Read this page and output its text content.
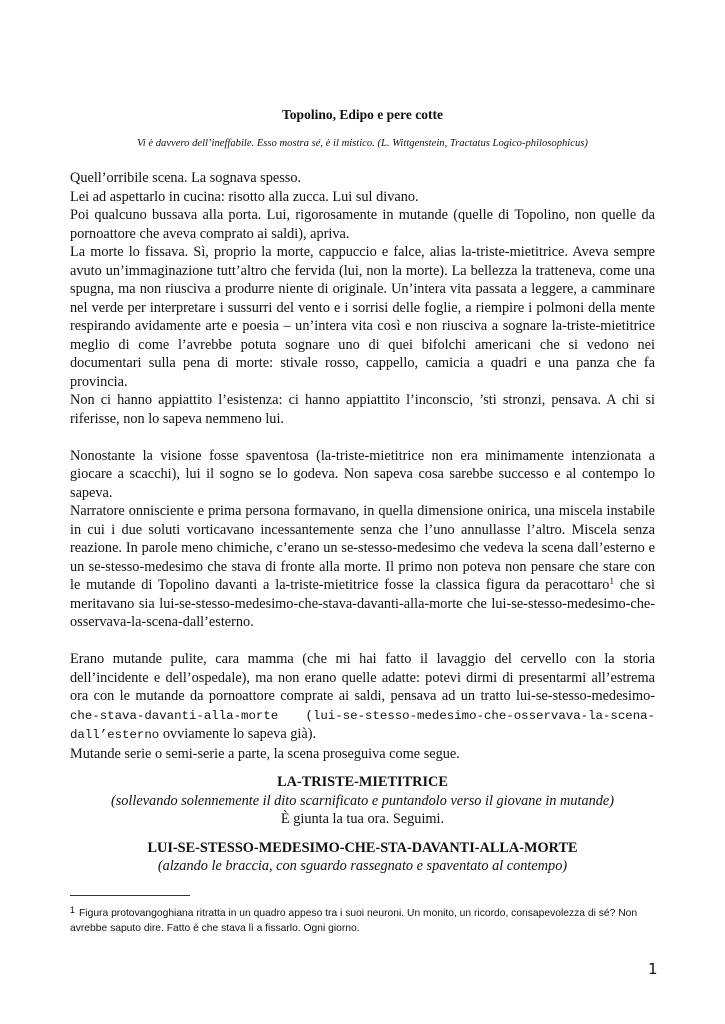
Topolino, Edipo e pere cotte
Vi è davvero dell’ineffabile. Esso mostra sé, è il mistico. (L. Wittgenstein, Tractatus Logico-philosophicus)

Quell’orribile scena. La sognava spesso.

Lei ad aspettarlo in cucina: risotto alla zucca. Lui sul divano.

Poi qualcuno bussava alla porta. Lui, rigorosamente in mutande (quelle di Topolino, non quelle da pornoattore che aveva comprato ai saldi), apriva.

La morte lo fissava. Sì, proprio la morte, cappuccio e falce, alias la-triste-mietitrice. Aveva sempre avuto un’immaginazione tutt’altro che fervida (lui, non la morte). La bellezza la tratteneva, come una spugna, ma non riusciva a produrre niente di originale. Un’intera vita passata a leggere, a camminare nel verde per interpretare i sussurri del vento e i sorrisi delle foglie, a riempire i polmoni della mente respirando avidamente arte e poesia – un’intera vita così e non riusciva a sognare la-triste-mietitrice meglio di come l’avrebbe potuta sognare uno di quei bifolchi americani che si vedono nei documentari sulla pena di morte: stivale rosso, cappello, camicia a quadri e una panza che fa provincia.

Non ci hanno appiattito l’esistenza: ci hanno appiattito l’inconscio, ’sti stronzi, pensava. A chi si riferisse, non lo sapeva nemmeno lui.

Nonostante la visione fosse spaventosa (la-triste-mietitrice non era minimamente intenzionata a giocare a scacchi), lui il sogno se lo godeva. Non sapeva cosa sarebbe successo e al contempo lo sapeva.

Narratore onnisciente e prima persona formavano, in quella dimensione onirica, una miscela instabile in cui i due soluti vorticavano incessantemente senza che l’uno annullasse l’altro. Miscela senza reazione. In parole meno chimiche, c’erano un se-stesso-medesimo che vedeva la scena dall’esterno e un se-stesso-medesimo che stava di fronte alla morte. Il primo non poteva non pensare che stare con le mutande di Topolino davanti a la-triste-mietitrice fosse la classica figura da peracottaro$^1$ che si meritavano sia lui-se-stesso-medesimo-che-stava-davanti-alla-morte che lui-se-stesso-medesimo-che-osservava-la-scena-dall’esterno.

Erano mutande pulite, cara mamma (che mi hai fatto il lavaggio del cervello con la storia dell’incidente e dell’ospedale), ma non erano quelle adatte: potevi dirmi di presentarmi all’estrema ora con le mutande da pornoattore comprate ai saldi, pensava ad un tratto lui-se-stesso-medesimo- che-stava-davanti-alla-morte (lui-se-stesso-medesimo-che-osservava-la-scena-dall’esterno ovviamente lo sapeva già).

Mutande serie o semi-serie a parte, la scena proseguiva come segue.

LA-TRISTE-MIETITRICE
(sollevando solennemente il dito scarnificato e puntandolo verso il giovane in mutande)
È giunta la tua ora. Seguimi.
LUI-SE-STESSO-MEDESIMO-CHE-STA-DAVANTI-ALLA-MORTE
(alzando le braccia, con sguardo rassegnato e spaventato al contempo)
$^1$ Figura protovangoghiana ritratta in un quadro appeso tra i suoi neuroni. Un monito, un ricordo, consapevolezza di sé? Non avrebbe saputo dire. Fatto è che stava lì a fissarlo. Ogni giorno.
1
